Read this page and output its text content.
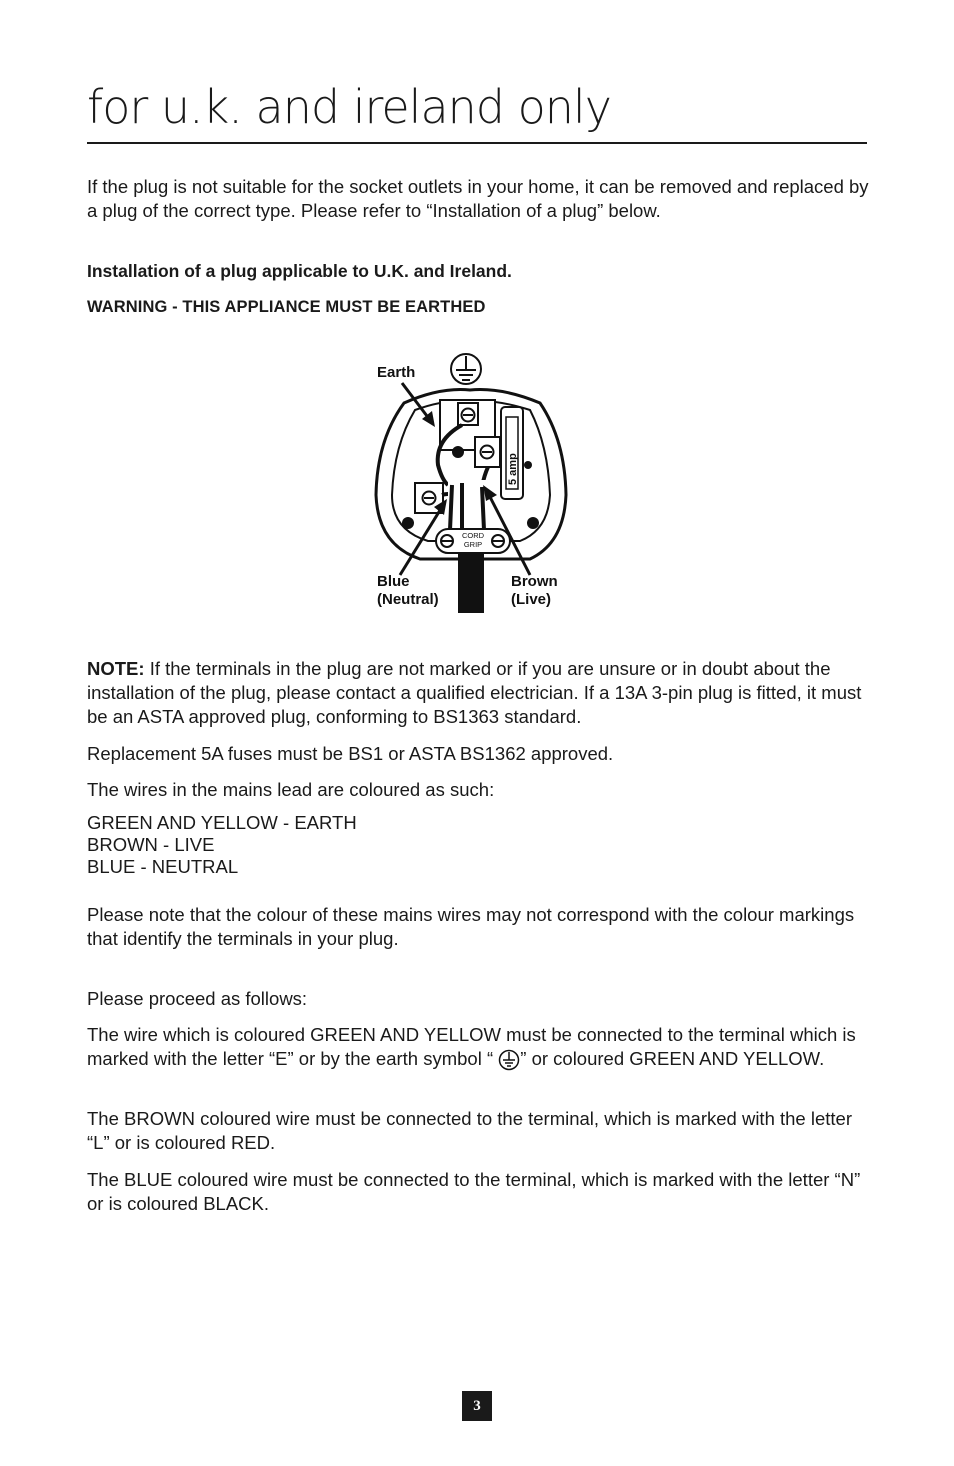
for u.k. and ireland only
If the plug is not suitable for the socket outlets in your home, it can be removed and replaced by a plug of the correct type. Please refer to “Installation of a plug” below.
Installation of a plug applicable to U.K. and Ireland.
WARNING - THIS APPLIANCE MUST BE EARTHED
Earth
5 amp
CORD
GRIP
Blue
(Neutral)
Brown
(Live)
NOTE: If the terminals in the plug are not marked or if you are unsure or in doubt about the installation of the plug, please contact a qualified electrician. If a 13A 3-pin plug is fitted, it must be an ASTA approved plug, conforming to BS1363 standard.
Replacement 5A fuses must be BS1 or ASTA BS1362 approved.
The wires in the mains lead are coloured as such:
GREEN AND YELLOW - EARTH
BROWN - LIVE
BLUE - NEUTRAL
Please note that the colour of these mains wires may not correspond with the colour markings that identify the terminals in your plug.
Please proceed as follows:
The wire which is coloured GREEN AND YELLOW must be connected to the terminal which is marked with the letter “E” or by the earth symbol “ ” or coloured GREEN AND YELLOW.
The BROWN coloured wire must be connected to the terminal, which is marked with the letter “L” or is coloured RED.
The BLUE coloured wire must be connected to the terminal, which is marked with the letter “N” or is coloured BLACK.
3
